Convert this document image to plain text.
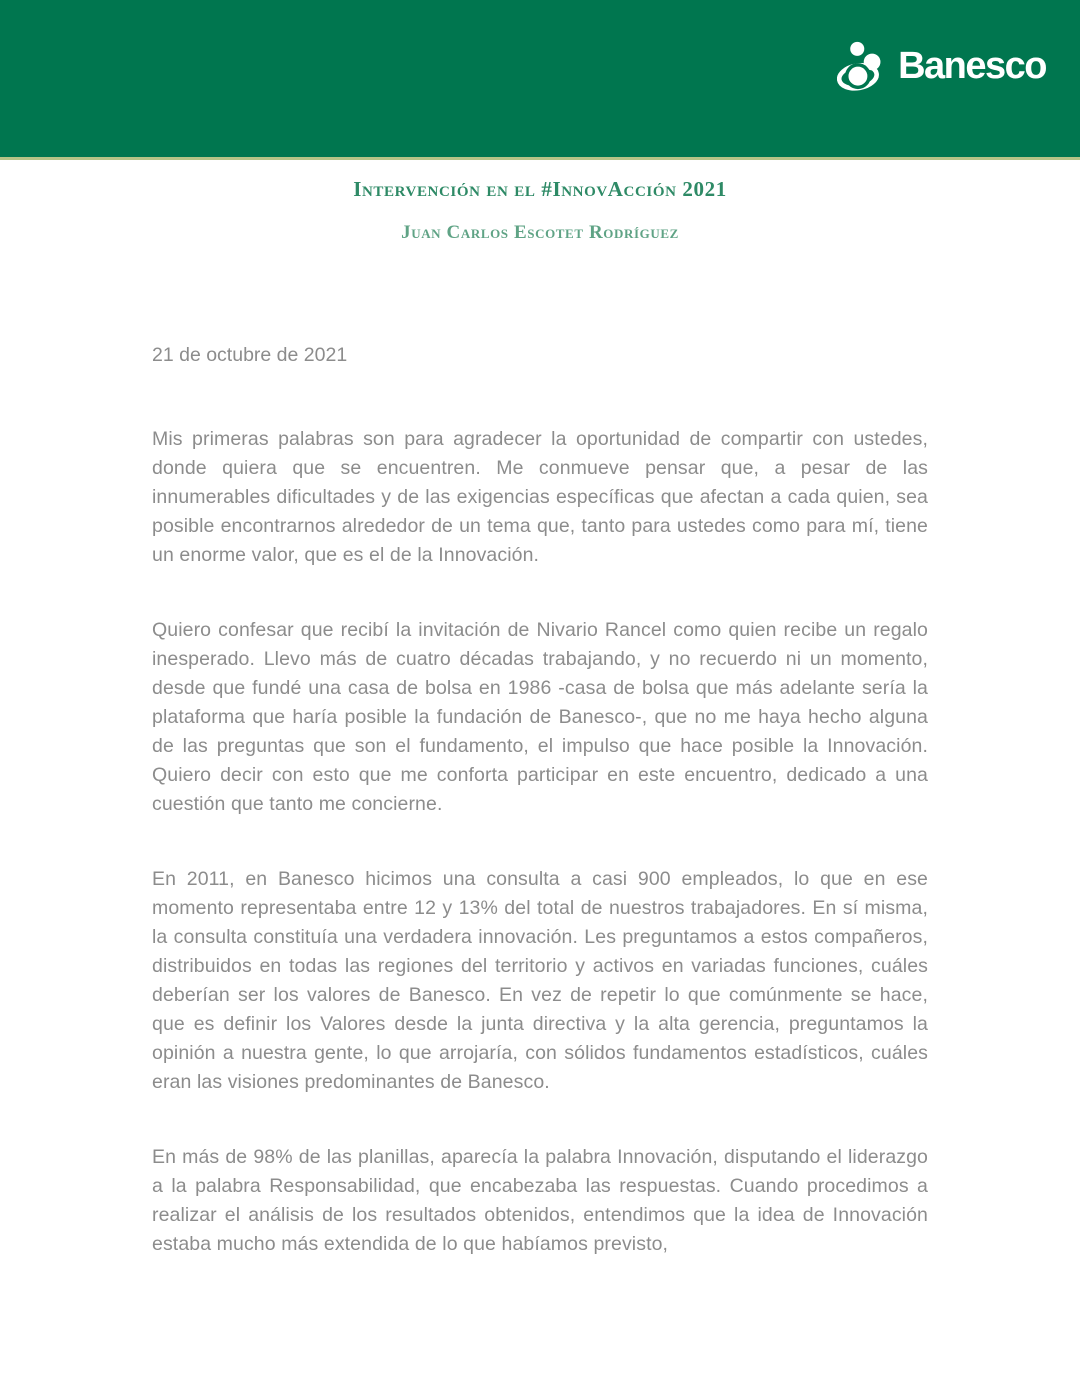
Banesco
Intervención en el #InnovAcción 2021
Juan Carlos Escotet Rodríguez

21 de octubre de 2021

Mis primeras palabras son para agradecer la oportunidad de compartir con ustedes, donde quiera que se encuentren. Me conmueve pensar que, a pesar de las innumerables dificultades y de las exigencias específicas que afectan a cada quien, sea posible encontrarnos alrededor de un tema que, tanto para ustedes como para mí, tiene un enorme valor, que es el de la Innovación.

Quiero confesar que recibí la invitación de Nivario Rancel como quien recibe un regalo inesperado. Llevo más de cuatro décadas trabajando, y no recuerdo ni un momento, desde que fundé una casa de bolsa en 1986 -casa de bolsa que más adelante sería la plataforma que haría posible la fundación de Banesco-, que no me haya hecho alguna de las preguntas que son el fundamento, el impulso que hace posible la Innovación. Quiero decir con esto que me conforta participar en este encuentro, dedicado a una cuestión que tanto me concierne.

En 2011, en Banesco hicimos una consulta a casi 900 empleados, lo que en ese momento representaba entre 12 y 13% del total de nuestros trabajadores. En sí misma, la consulta constituía una verdadera innovación. Les preguntamos a estos compañeros, distribuidos en todas las regiones del territorio y activos en variadas funciones, cuáles deberían ser los valores de Banesco. En vez de repetir lo que comúnmente se hace, que es definir los Valores desde la junta directiva y la alta gerencia, preguntamos la opinión a nuestra gente, lo que arrojaría, con sólidos fundamentos estadísticos, cuáles eran las visiones predominantes de Banesco.

En más de 98% de las planillas, aparecía la palabra Innovación, disputando el liderazgo a la palabra Responsabilidad, que encabezaba las respuestas. Cuando procedimos a realizar el análisis de los resultados obtenidos, entendimos que la idea de Innovación estaba mucho más extendida de lo que habíamos previsto,
